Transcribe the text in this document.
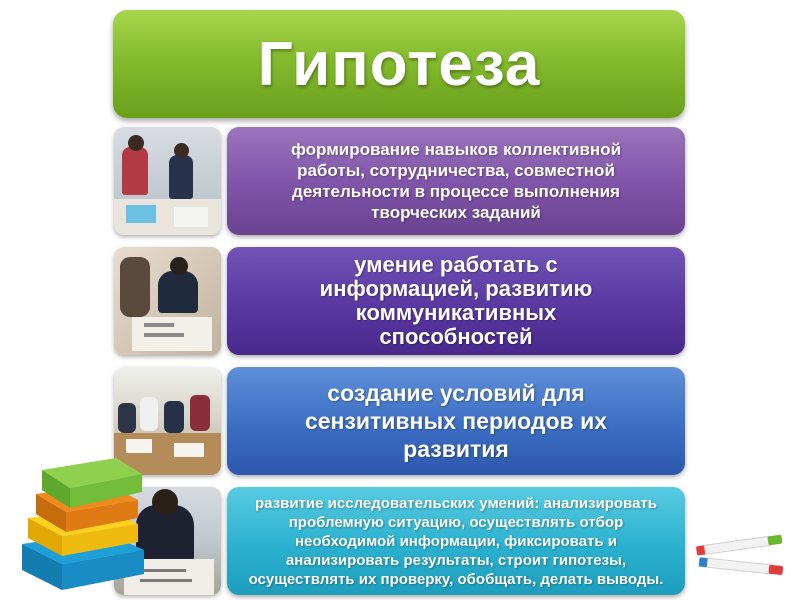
Гипотеза
формирование навыков коллективной работы, сотрудничества, совместной деятельности в процессе выполнения творческих заданий
умение работать с информацией, развитию коммуникативных способностей
создание условий для сензитивных периодов их развития
развитие исследовательских умений: анализировать проблемную ситуацию, осуществлять отбор необходимой информации, фиксировать и анализировать результаты, строит гипотезы, осуществлять их проверку, обобщать, делать выводы.
